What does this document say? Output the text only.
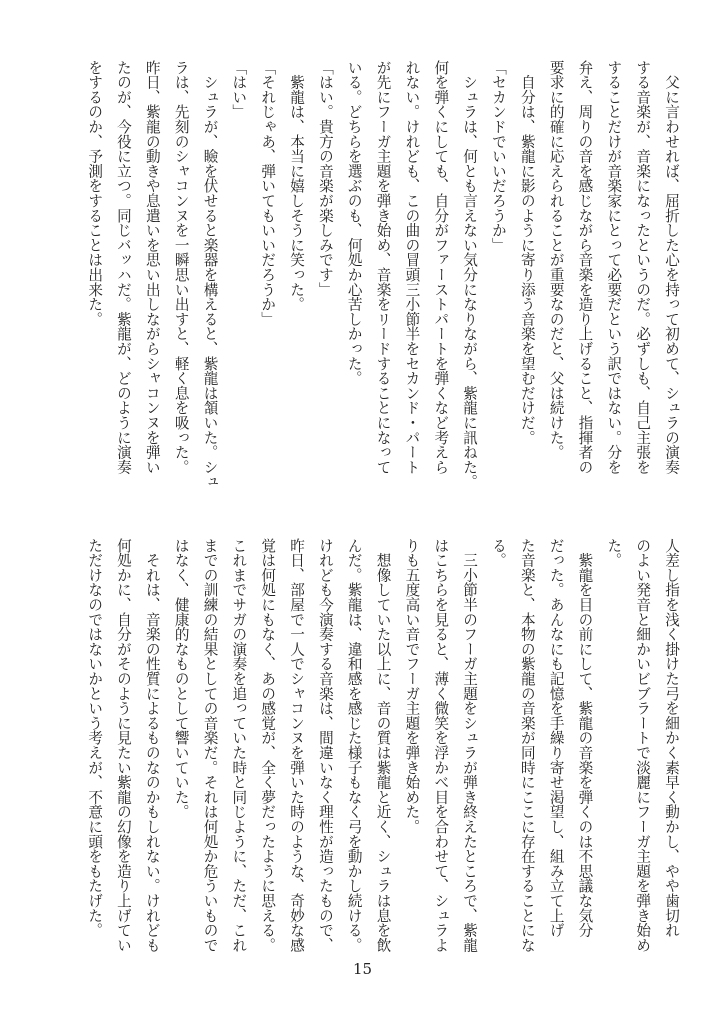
　父に言わせれば、屈折した心を持って初めて、シュラの演奏

する音楽が、音楽になったというのだ。必ずしも、自己主張を

することだけが音楽家にとって必要だという訳ではない。分を

弁え、周りの音を感じながら音楽を造り上げること、指揮者の

要求に的確に応えられることが重要なのだと、父は続けた。

　自分は、紫龍に影のように寄り添う音楽を望むだけだ。

「セカンドでいいだろうか」

　シュラは、何とも言えない気分になりながら、紫龍に訊ねた。

何を弾くにしても、自分がファーストパートを弾くなど考えら

れない。けれども、この曲の冒頭三小節半をセカンド・パート

が先にフーガ主題を弾き始め、音楽をリードすることになって

いる。どちらを選ぶのも、何処か心苦しかった。

「はい。貴方の音楽が楽しみです」

　紫龍は、本当に嬉しそうに笑った。

「それじゃあ、弾いてもいいだろうか」

「はい」

　シュラが、瞼を伏せると楽器を構えると、紫龍は頷いた。シュ

ラは、先刻のシャコンヌを一瞬思い出すと、軽く息を吸った。

昨日、紫龍の動きや息遣いを思い出しながらシャコンヌを弾い

たのが、今役に立つ。同じバッハだ。紫龍が、どのように演奏

をするのか、予測をすることは出来た。

人差し指を浅く掛けた弓を細かく素早く動かし、やや歯切れ

のよい発音と細かいビブラートで淡麗にフーガ主題を弾き始め

た。

　紫龍を目の前にして、紫龍の音楽を弾くのは不思議な気分

だった。あんなにも記憶を手繰り寄せ渇望し、組み立て上げ

た音楽と、本物の紫龍の音楽が同時にここに存在することにな

る。

　三小節半のフーガ主題をシュラが弾き終えたところで、紫龍

はこちらを見ると、薄く微笑を浮かべ目を合わせて、シュラよ

りも五度高い音でフーガ主題を弾き始めた。

　想像していた以上に、音の質は紫龍と近く、シュラは息を飲

んだ。紫龍は、違和感を感じた様子もなく弓を動かし続ける。

けれども今演奏する音楽は、間違いなく理性が造ったもので、

昨日、部屋で一人でシャコンヌを弾いた時のような、奇妙な感

覚は何処にもなく、あの感覚が、全く夢だったように思える。

これまでサガの演奏を追っていた時と同じように、ただ、これ

までの訓練の結果としての音楽だ。それは何処か危ういもので

はなく、健康的なものとして響いていた。

　それは、音楽の性質によるものなのかもしれない。けれども

何処かに、自分がそのように見たい紫龍の幻像を造り上げてい

ただけなのではないかという考えが、不意に頭をもたげた。

15
